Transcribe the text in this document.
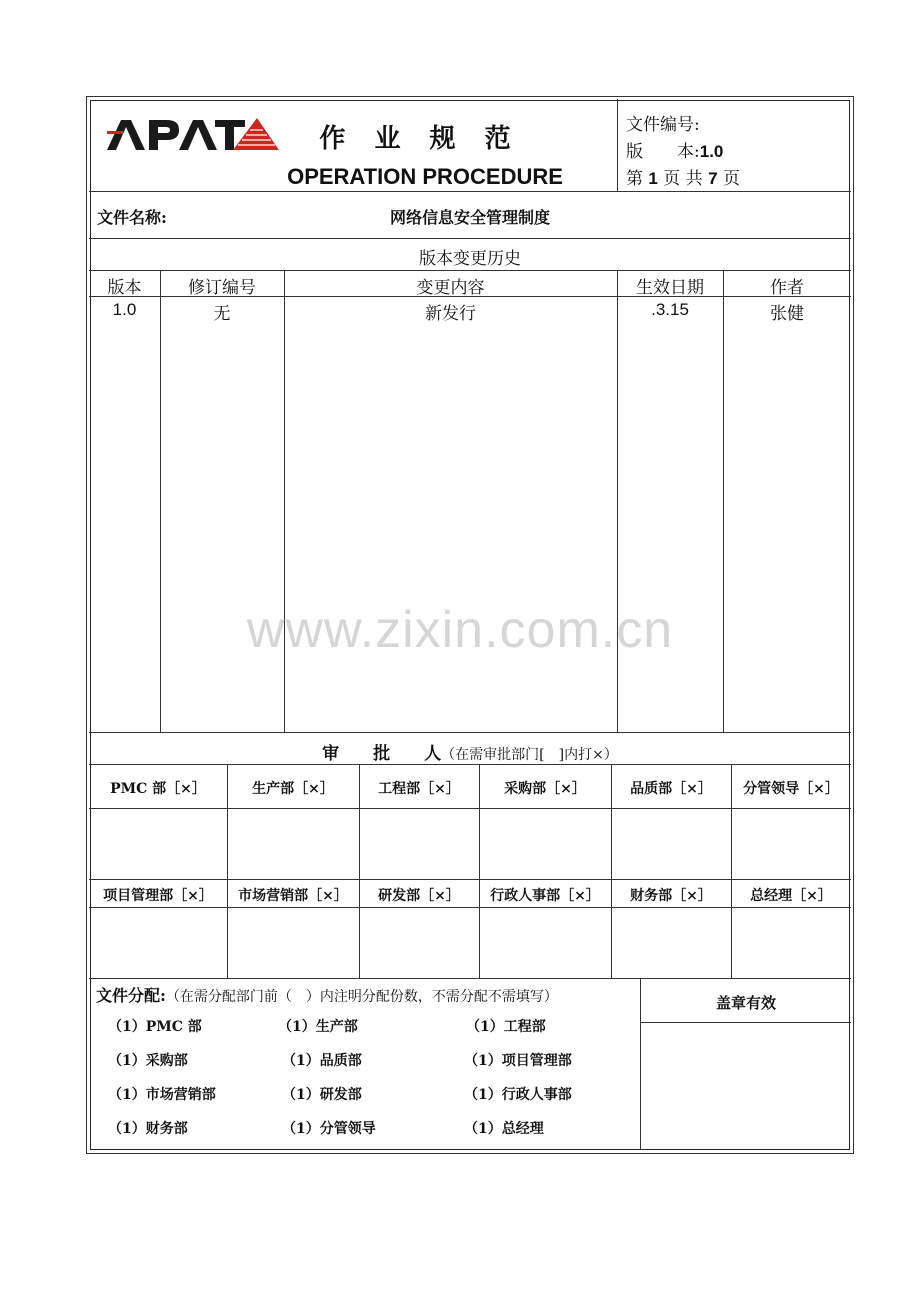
作 业 规 范
OPERATION PROCEDURE
文件编号:
版　　本:1.0
第 1 页 共 7 页
文件名称:	网络信息安全管理制度
版本变更历史
版本	修订编号	变更内容	生效日期	作者
1.0	无	新发行	.3.15	张健
审　　批　　人（在需审批部门[　]内打×）
PMC 部［×］	生产部［×］	工程部［×］	采购部［×］	品质部［×］	分管领导［×］
项目管理部［×］	市场营销部［×］	研发部［×］	行政人事部［×］	财务部［×］	总经理［×］
文件分配:（在需分配部门前（　）内注明分配份数，不需分配不需填写）
（1）PMC 部	（1）生产部	（1）工程部
（1）采购部	（1）品质部	（1）项目管理部
（1）市场营销部	（1）研发部	（1）行政人事部
（1）财务部	（1）分管领导	（1）总经理
盖章有效
www.zixin.com.cn
